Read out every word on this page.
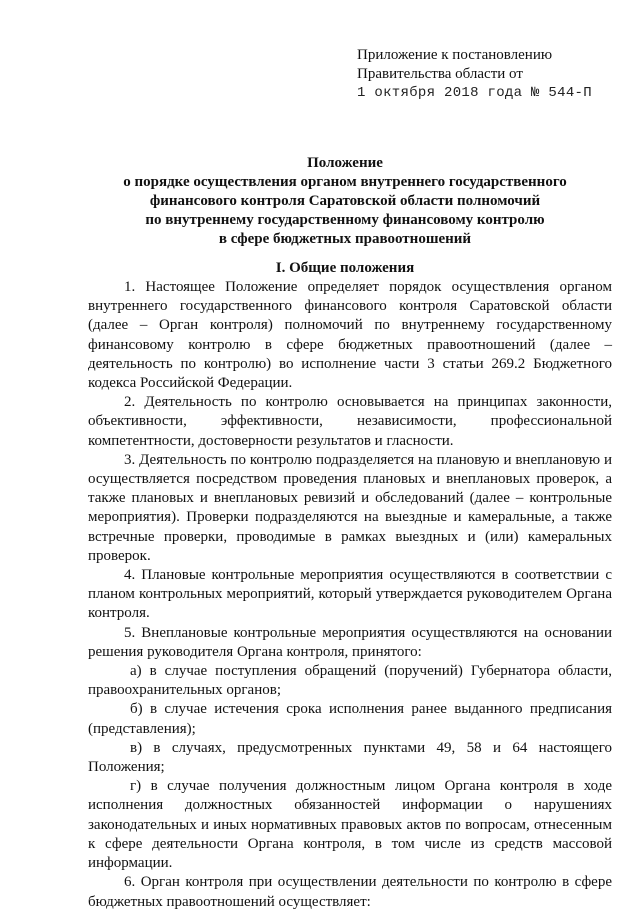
Приложение к постановлению
Правительства области от
1 октября 2018 года № 544-П
Положение
о порядке осуществления органом внутреннего государственного
финансового контроля Саратовской области полномочий
по внутреннему государственному финансовому контролю
в сфере бюджетных правоотношений
I. Общие положения

1. Настоящее Положение определяет порядок осуществления органом внутреннего государственного финансового контроля Саратовской области (далее – Орган контроля) полномочий по внутреннему государственному финансовому контролю в сфере бюджетных правоотношений (далее – деятельность по контролю) во исполнение части 3 статьи 269.2 Бюджетного кодекса Российской Федерации.

2. Деятельность по контролю основывается на принципах законности, объективности, эффективности, независимости, профессиональной компетентности, достоверности результатов и гласности.

3. Деятельность по контролю подразделяется на плановую и внеплановую и осуществляется посредством проведения плановых и внеплановых проверок, а также плановых и внеплановых ревизий и обследований (далее – контрольные мероприятия). Проверки подразделяются на выездные и камеральные, а также встречные проверки, проводимые в рамках выездных и (или) камеральных проверок.

4. Плановые контрольные мероприятия осуществляются в соответствии с планом контрольных мероприятий, который утверждается руководителем Органа контроля.

5. Внеплановые контрольные мероприятия осуществляются на основании решения руководителя Органа контроля, принятого:

а) в случае поступления обращений (поручений) Губернатора области, правоохранительных органов;

б) в случае истечения срока исполнения ранее выданного предписания (представления);

в) в случаях, предусмотренных пунктами 49, 58 и 64 настоящего Положения;

г) в случае получения должностным лицом Органа контроля в ходе исполнения должностных обязанностей информации о нарушениях законодательных и иных нормативных правовых актов по вопросам, отнесенным к сфере деятельности Органа контроля, в том числе из средств массовой информации.

6. Орган контроля при осуществлении деятельности по контролю в сфере бюджетных правоотношений осуществляет:
